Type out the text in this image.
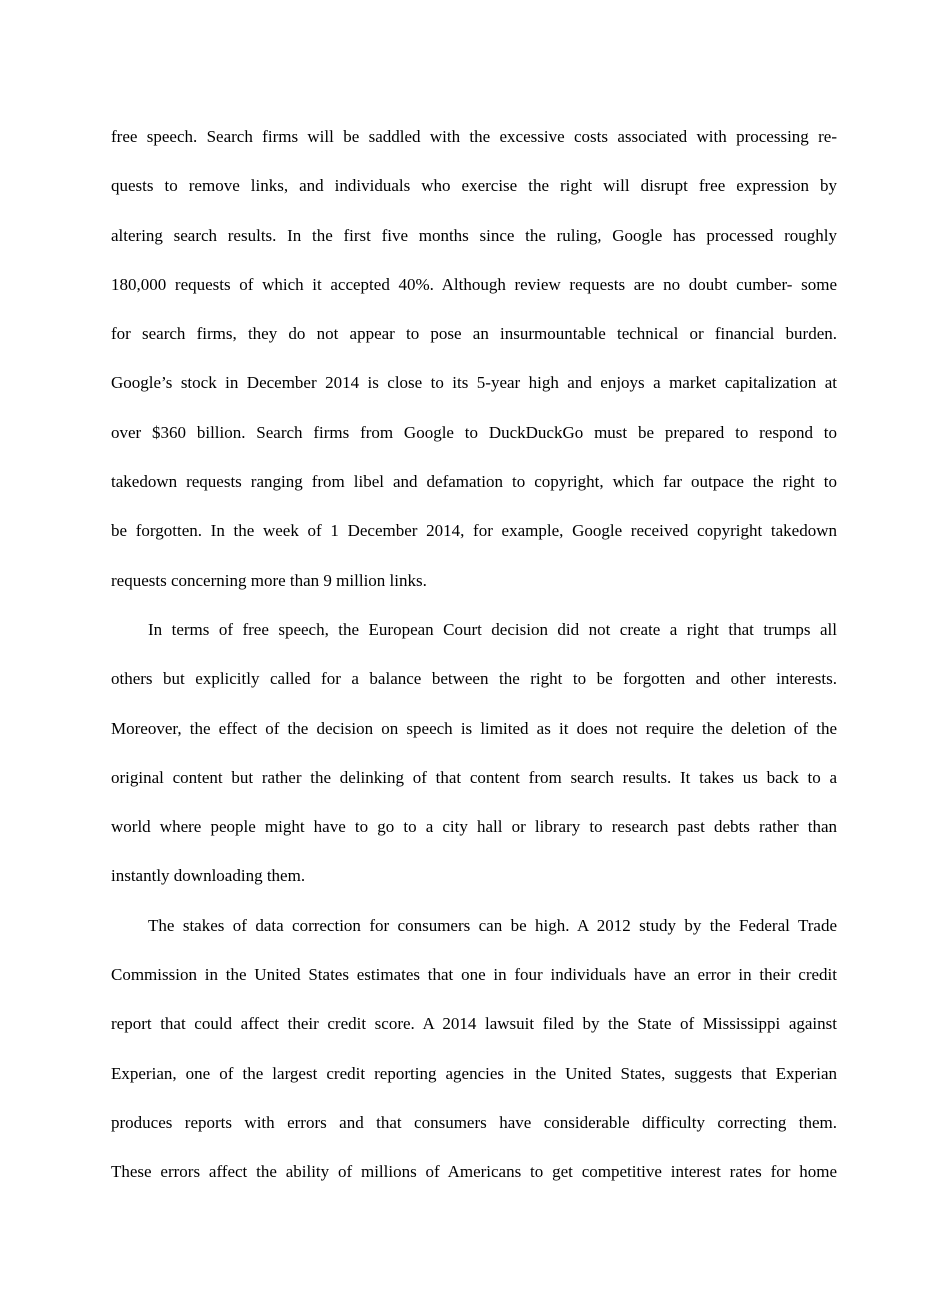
free speech. Search firms will be saddled with the excessive costs associated with processing re-
quests to remove links, and individuals who exercise the right will disrupt free expression by
altering search results. In the first five months since the ruling, Google has processed roughly
180,000 requests of which it accepted 40%. Although review requests are no doubt cumber- some
for search firms, they do not appear to pose an insurmountable technical or financial burden.
Google’s stock in December 2014 is close to its 5-year high and enjoys a market capitalization at
over $360 billion. Search firms from Google to DuckDuckGo must be prepared to respond to
takedown requests ranging from libel and defamation to copyright, which far outpace the right to
be forgotten. In the week of 1 December 2014, for example, Google received copyright takedown
requests concerning more than 9 million links.
In terms of free speech, the European Court decision did not create a right that trumps all
others but explicitly called for a balance between the right to be forgotten and other interests.
Moreover, the effect of the decision on speech is limited as it does not require the deletion of the
original content but rather the delinking of that content from search results. It takes us back to a
world where people might have to go to a city hall or library to research past debts rather than
instantly downloading them.
The stakes of data correction for consumers can be high. A 2012 study by the Federal Trade
Commission in the United States estimates that one in four individuals have an error in their credit
report that could affect their credit score. A 2014 lawsuit filed by the State of Mississippi against
Experian, one of the largest credit reporting agencies in the United States, suggests that Experian
produces reports with errors and that consumers have considerable difficulty correcting them.
These errors affect the ability of millions of Americans to get competitive interest rates for home
